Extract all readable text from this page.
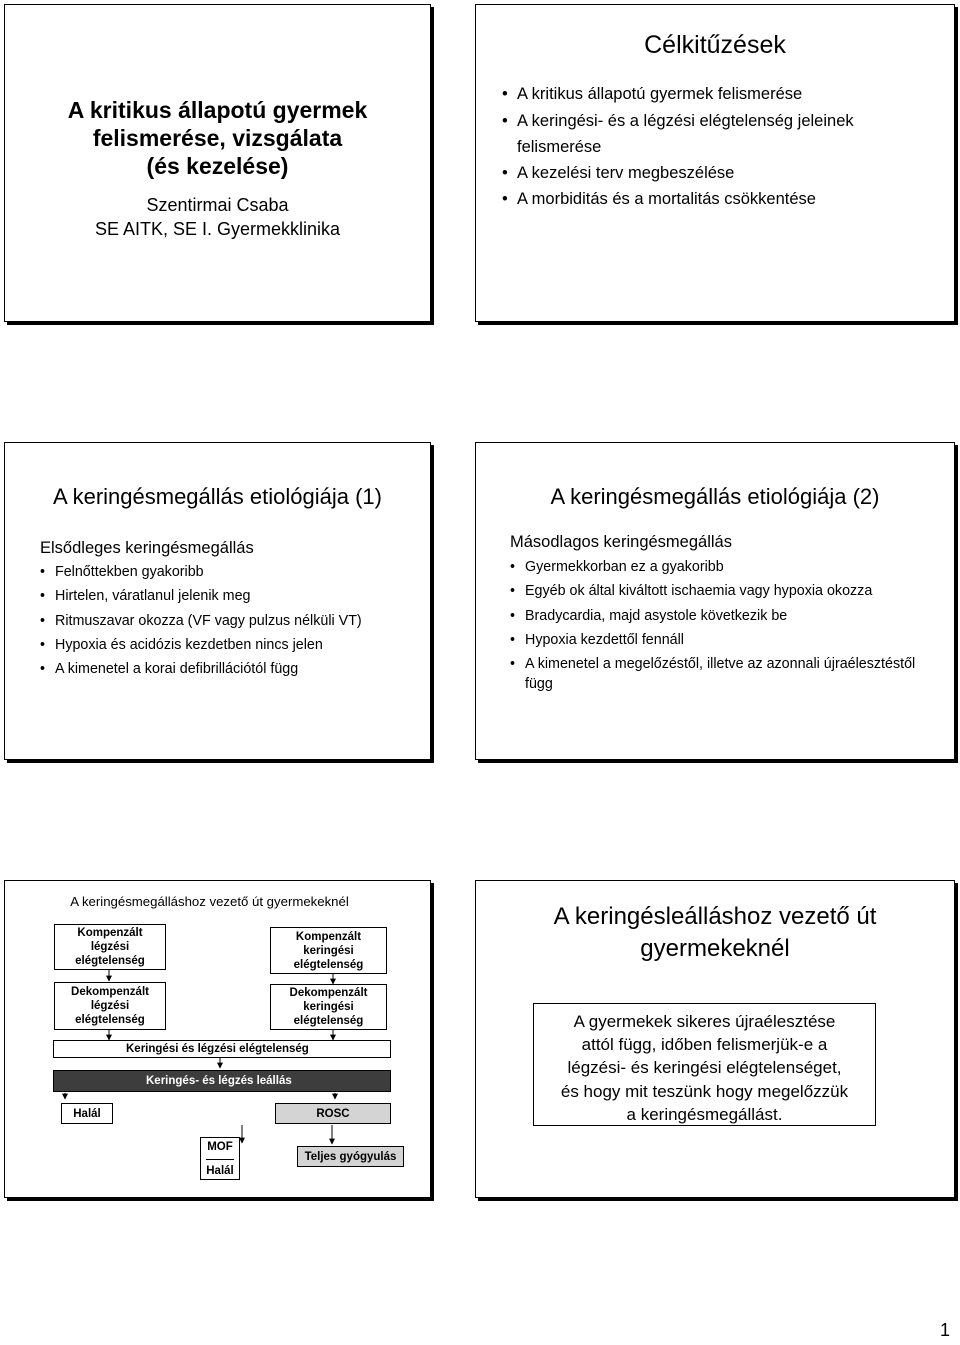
A kritikus állapotú gyermek
felismerése, vizsgálata
(és kezelése)
Szentirmai Csaba
SE AITK, SE I. Gyermekklinika
Célkitűzések
• A kritikus állapotú gyermek felismerése
• A keringési- és a légzési elégtelenség jeleinek felismerése
• A kezelési terv megbeszélése
• A morbiditás és a mortalitás csökkentése
A keringésmegállás etiológiája (1)
Elsődleges keringésmegállás
• Felnőttekben gyakoribb
• Hirtelen, váratlanul jelenik meg
• Ritmuszavar okozza (VF vagy pulzus nélküli VT)
• Hypoxia és acidózis kezdetben nincs jelen
• A kimenetel a korai defibrillációtól függ
A keringésmegállás etiológiája (2)
Másodlagos keringésmegállás
• Gyermekkorban ez a gyakoribb
• Egyéb ok által kiváltott ischaemia vagy hypoxia okozza
• Bradycardia, majd asystole következik be
• Hypoxia kezdettől fennáll
• A kimenetel a megelőzéstől, illetve az azonnali újraélesztéstől függ
A keringésmegálláshoz vezető út gyermekeknél
Kompenzált
légzési
elégtelenség
Kompenzált
keringési
elégtelenség
Dekompenzált
légzési
elégtelenség
Dekompenzált
keringési
elégtelenség
Keringési és légzési elégtelenség
Keringés- és légzés leállás
Halál	ROSC
MOF
Halál
Teljes gyógyulás
A keringésleálláshoz vezető út
gyermekeknél
A gyermekek sikeres újraélesztése
attól függ, időben felismerjük-e a
légzési- és keringési elégtelenséget,
és hogy mit teszünk hogy megelőzzük
a keringésmegállást.
1
